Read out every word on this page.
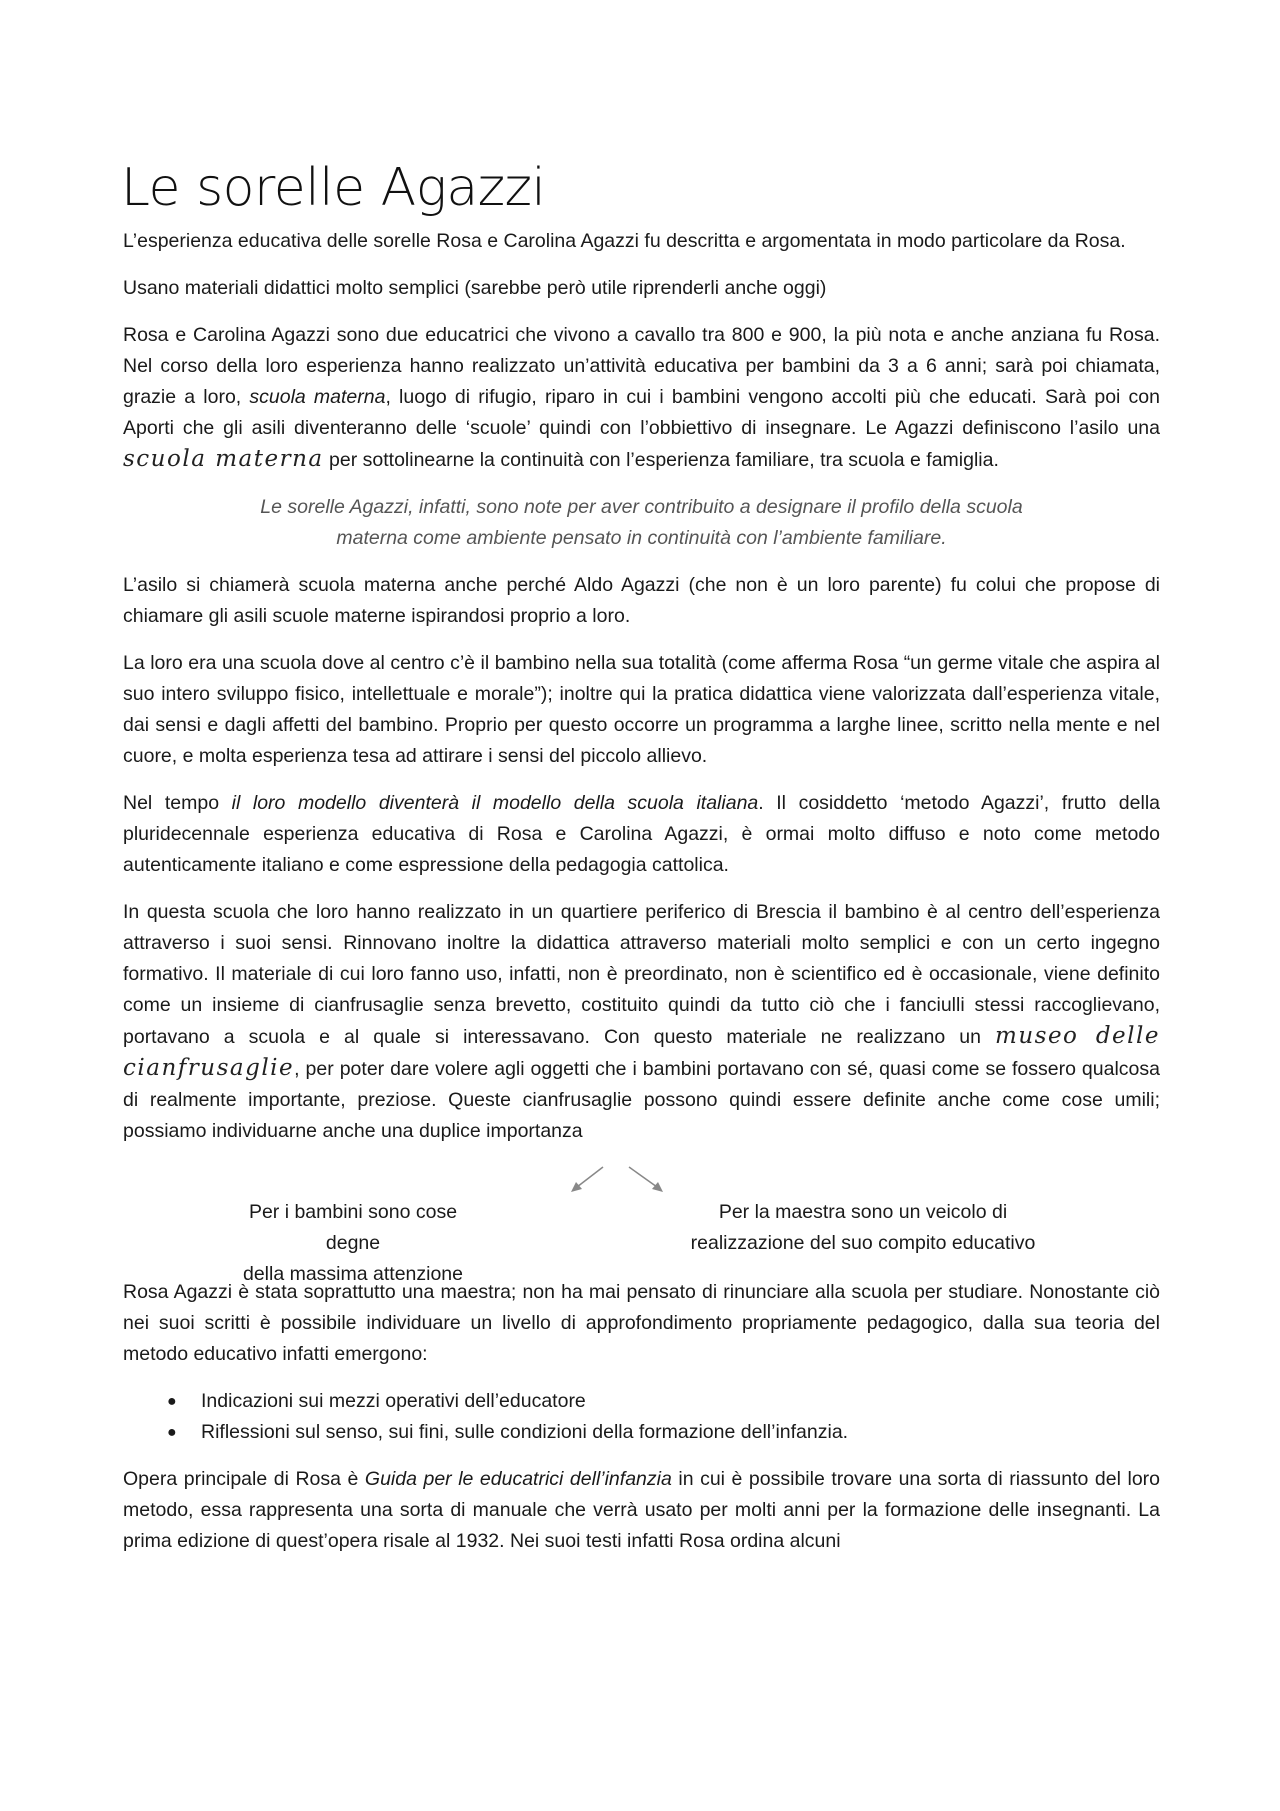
Le sorelle Agazzi

L’esperienza educativa delle sorelle Rosa e Carolina Agazzi fu descritta e argomentata in modo particolare da Rosa.

Usano materiali didattici molto semplici (sarebbe però utile riprenderli anche oggi)

Rosa e Carolina Agazzi sono due educatrici che vivono a cavallo tra 800 e 900, la più nota e anche anziana fu Rosa. Nel corso della loro esperienza hanno realizzato un’attività educativa per bambini da 3 a 6 anni; sarà poi chiamata, grazie a loro, scuola materna, luogo di rifugio, riparo in cui i bambini vengono accolti più che educati. Sarà poi con Aporti che gli asili diventeranno delle ‘scuole’ quindi con l’obbiettivo di insegnare. Le Agazzi definiscono l’asilo una scuola materna per sottolinearne la continuità con l’esperienza familiare, tra scuola e famiglia.

Le sorelle Agazzi, infatti, sono note per aver contribuito a designare il profilo della scuola
materna come ambiente pensato in continuità con l’ambiente familiare.

L’asilo si chiamerà scuola materna anche perché Aldo Agazzi (che non è un loro parente) fu colui che propose di chiamare gli asili scuole materne ispirandosi proprio a loro.

La loro era una scuola dove al centro c’è il bambino nella sua totalità (come afferma Rosa “un germe vitale che aspira al suo intero sviluppo fisico, intellettuale e morale”); inoltre qui la pratica didattica viene valorizzata dall’esperienza vitale, dai sensi e dagli affetti del bambino. Proprio per questo occorre un programma a larghe linee, scritto nella mente e nel cuore, e molta esperienza tesa ad attirare i sensi del piccolo allievo.

Nel tempo il loro modello diventerà il modello della scuola italiana. Il cosiddetto ‘metodo Agazzi’, frutto della pluridecennale esperienza educativa di Rosa e Carolina Agazzi, è ormai molto diffuso e noto come metodo autenticamente italiano e come espressione della pedagogia cattolica.

In questa scuola che loro hanno realizzato in un quartiere periferico di Brescia il bambino è al centro dell’esperienza attraverso i suoi sensi. Rinnovano inoltre la didattica attraverso materiali molto semplici e con un certo ingegno formativo. Il materiale di cui loro fanno uso, infatti, non è preordinato, non è scientifico ed è occasionale, viene definito come un insieme di cianfrusaglie senza brevetto, costituito quindi da tutto ciò che i fanciulli stessi raccoglievano, portavano a scuola e al quale si interessavano. Con questo materiale ne realizzano un museo delle cianfrusaglie, per poter dare volere agli oggetti che i bambini portavano con sé, quasi come se fossero qualcosa di realmente importante, preziose. Queste cianfrusaglie possono quindi essere definite anche come cose umili; possiamo individuarne anche una duplice importanza

Per i bambini sono cose degne
della massima attenzione
Per la maestra sono un veicolo di
realizzazione del suo compito educativo

Rosa Agazzi è stata soprattutto una maestra; non ha mai pensato di rinunciare alla scuola per studiare. Nonostante ciò nei suoi scritti è possibile individuare un livello di approfondimento propriamente pedagogico, dalla sua teoria del metodo educativo infatti emergono:

● Indicazioni sui mezzi operativi dell’educatore
● Riflessioni sul senso, sui fini, sulle condizioni della formazione dell’infanzia.

Opera principale di Rosa è Guida per le educatrici dell’infanzia in cui è possibile trovare una sorta di riassunto del loro metodo, essa rappresenta una sorta di manuale che verrà usato per molti anni per la formazione delle insegnanti. La prima edizione di quest’opera risale al 1932. Nei suoi testi infatti Rosa ordina alcuni
